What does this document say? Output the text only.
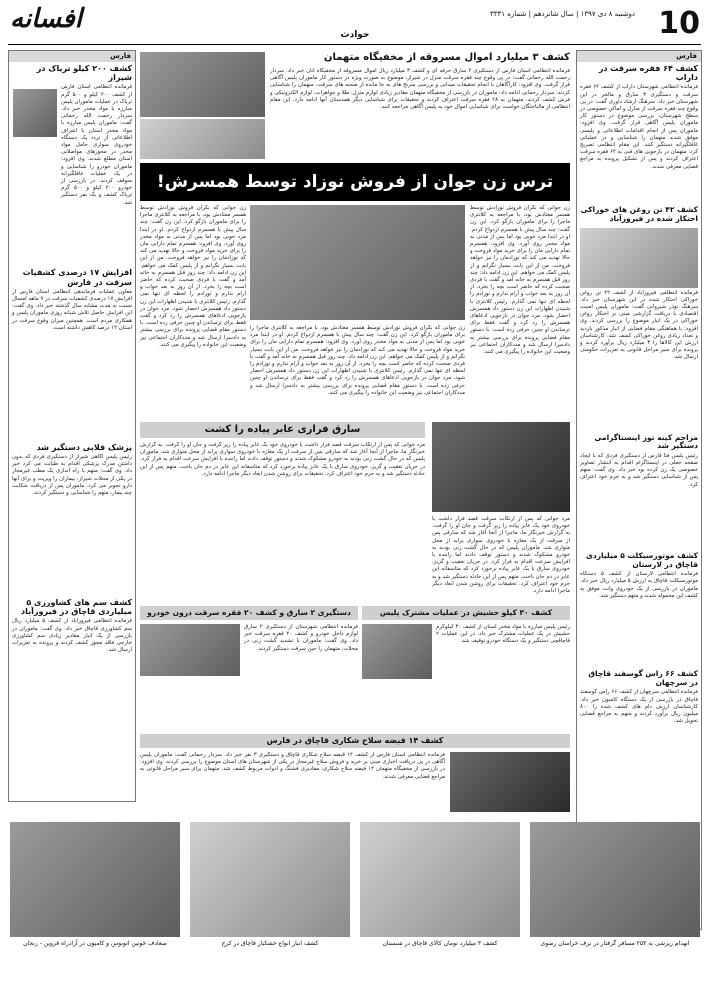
10
دوشنبه ۸ دی ۱۳۹۷ | سال شانزدهم | شماره ۳۳۳۱
افسانه
حوادث
فارس
کشف ۶۴ فقره سرقت در داراب
فرمانده انتظامی شهرستان داراب از کشف ۶۴ فقره سرقت و دستگیری ۳ سارق و مالخر در این شهرستان خبر داد. سرهنگ ارشاد داوری گفت: در پی وقوع چند فقره سرقت از منازل و اماکن خصوصی در سطح شهرستان، بررسی موضوع در دستور کار ماموران پلیس آگاهی قرار گرفت. وی افزود: ماموران پس از انجام اقدامات اطلاعاتی و پلیسی موفق شدند متهمان را شناسایی و در عملیاتی غافلگیرانه دستگیر کنند. این مقام انتظامی تصریح کرد: متهمان در بازجویی های فنی به ۶۴ فقره سرقت اعتراف کردند و پس از تشکیل پرونده به مراجع قضایی معرفی شدند.
کشف ۴۲ تن روغن های خوراکی احتکار شده در فیروزآباد
فرمانده انتظامی فیروزآباد از کشف ۴۲ تن روغن خوراکی احتکار شده در این شهرستان خبر داد. سرهنگ نوذر شیروانی گفت: ماموران پلیس امنیت اقتصادی با دریافت گزارشی مبنی بر احتکار روغن خوراکی در یک انبار موضوع را بررسی کردند. وی افزود: با هماهنگی مقام قضایی از انبار مذکور بازدید و تعداد زیادی روغن خوراکی کشف شد. کارشناسان ارزش این کالاها را ۳ میلیارد ریال برآورد کردند و پرونده برای سیر مراحل قانونی به تعزیرات حکومتی ارسال شد.
مزاحم کینه توز اینستاگرامی دستگیر شد
رئیس پلیس فتا فارس از دستگیری فردی که با ایجاد صفحه جعلی در اینستاگرام اقدام به انتشار تصاویر خصوصی یک زن کرده بود خبر داد. وی گفت: متهم پس از شناسایی دستگیر شد و به جرم خود اعتراف کرد.
کشف موتورسیکلت ۵ میلیاردی قاچاق در لارستان
فرمانده انتظامی لارستان از کشف ۵ دستگاه موتورسیکلت قاچاق به ارزش ۵ میلیارد ریال خبر داد. ماموران در بازرسی از یک خودروی وانت موفق به کشف این محموله شدند و متهم دستگیر شد.
کشف ۶۶ راس گوسفند قاچاق در سرچهان
فرمانده انتظامی سرچهان از کشف ۶۶ راس گوسفند قاچاق در بازرسی از یک دستگاه کامیون خبر داد. کارشناسان ارزش دام های کشف شده را ۸۰۰ میلیون ریال برآورد کردند و متهم به مراجع قضایی تحویل شد.
کشف ۳ میلیارد اموال مسروقه از مخفیگاه متهمان
فرمانده انتظامی استان فارس از دستگیری ۲ سارق حرفه ای و کشف ۳ میلیارد ریال اموال مسروقه از مخفیگاه آنان خبر داد. سردار رحمت الله رحمانی گفت: در پی وقوع چند فقره سرقت منزل در شیراز، موضوع به صورت ویژه در دستور کار ماموران پلیس آگاهی قرار گرفت. وی افزود: کارآگاهان با انجام تحقیقات میدانی و بررسی سرنخ های به جا مانده از صحنه های سرقت، متهمان را شناسایی کردند. سردار رحمانی ادامه داد: ماموران در بازرسی از مخفیگاه متهمان مقادیر زیادی لوازم منزل، طلا و جواهرات، لوازم الکترونیکی و فرش کشف کردند. متهمان به ۲۸ فقره سرقت اعتراف کردند و تحقیقات برای شناسایی دیگر همدستان آنها ادامه دارد. این مقام انتظامی از مالباختگان خواست برای شناسایی اموال خود به پلیس آگاهی مراجعه کنند.
ترس زن جوان از فروش نوزاد توسط همسرش!
زن جوانی که نگران فروش نوزادش توسط همسر معتادش بود، با مراجعه به کلانتری ماجرا را برای ماموران بازگو کرد. این زن گفت: چند سال پیش با همسرم ازدواج کردم. او در ابتدا مرد خوبی بود اما پس از مدتی به مواد مخدر روی آورد. وی افزود: همسرم تمام دارایی مان را برای خرید مواد فروخت و حالا تهدید می کند که نوزادمان را نیز خواهد فروخت. من از این بابت بسیار نگرانم و از پلیس کمک می خواهم. این زن ادامه داد: چند روز قبل همسرم به خانه آمد و گفت با فردی صحبت کرده که حاضر است بچه را بخرد. از آن روز به بعد خواب و آرام ندارم و نوزادم را لحظه ای تنها نمی گذارم. رئیس کلانتری با شنیدن اظهارات این زن دستور داد همسرش احضار شود. مرد جوان در بازجویی ادعاهای همسرش را رد کرد و گفت فقط برای ترساندن او چنین حرفی زده است. با دستور مقام قضایی پرونده برای بررسی بیشتر به دادسرا ارسال شد و مددکاران اجتماعی نیز وضعیت این خانواده را پیگیری می کنند.
زن جوانی که نگران فروش نوزادش توسط همسر معتادش بود، با مراجعه به کلانتری ماجرا را برای ماموران بازگو کرد. این زن گفت: چند سال پیش با همسرم ازدواج کردم. او در ابتدا مرد خوبی بود اما پس از مدتی به مواد مخدر روی آورد. وی افزود: همسرم تمام دارایی مان را برای خرید مواد فروخت و حالا تهدید می کند که نوزادمان را نیز خواهد فروخت. من از این بابت بسیار نگرانم و از پلیس کمک می خواهم. این زن ادامه داد: چند روز قبل همسرم به خانه آمد و گفت با فردی صحبت کرده که حاضر است بچه را بخرد. از آن روز به بعد خواب و آرام ندارم و نوزادم را لحظه ای تنها نمی گذارم. رئیس کلانتری با شنیدن اظهارات این زن دستور داد همسرش احضار شود. مرد جوان در بازجویی ادعاهای همسرش را رد کرد و گفت فقط برای ترساندن او چنین حرفی زده است. با دستور مقام قضایی پرونده برای بررسی بیشتر به دادسرا ارسال شد و مددکاران اجتماعی نیز وضعیت این خانواده را پیگیری می کنند.
زن جوانی که نگران فروش نوزادش توسط همسر معتادش بود، با مراجعه به کلانتری ماجرا را برای ماموران بازگو کرد. این زن گفت: چند سال پیش با همسرم ازدواج کردم. او در ابتدا مرد خوبی بود اما پس از مدتی به مواد مخدر روی آورد. وی افزود: همسرم تمام دارایی مان را برای خرید مواد فروخت و حالا تهدید می کند که نوزادمان را نیز خواهد فروخت. من از این بابت بسیار نگرانم و از پلیس کمک می خواهم. این زن ادامه داد: چند روز قبل همسرم به خانه آمد و گفت با فردی صحبت کرده که حاضر است بچه را بخرد. از آن روز به بعد خواب و آرام ندارم و نوزادم را لحظه ای تنها نمی گذارم. رئیس کلانتری با شنیدن اظهارات این زن دستور داد همسرش احضار شود. مرد جوان در بازجویی ادعاهای همسرش را رد کرد و گفت فقط برای ترساندن او چنین حرفی زده است. با دستور مقام قضایی پرونده برای بررسی بیشتر به دادسرا ارسال شد و مددکاران اجتماعی نیز وضعیت این خانواده را پیگیری می کنند.
فارس
کشف ۲۰۰ کیلو تریاک در شیراز
فرمانده انتظامی استان فارس از کشف ۲۰۰ کیلو و ۵۰۰ گرم تریاک در عملیات ماموران پلیس مبارزه با مواد مخدر خبر داد. سردار رحمت الله رحمانی گفت: ماموران پلیس مبارزه با مواد مخدر استان با اشراف اطلاعاتی از تردد یک دستگاه خودروی سواری حامل مواد مخدر در محورهای مواصلاتی استان مطلع شدند. وی افزود: ماموران خودرو را شناسایی و در یک عملیات غافلگیرانه متوقف کردند. در بازرسی از خودرو ۲۰۰ کیلو و ۵۰۰ گرم تریاک کشف و یک نفر دستگیر شد.
افزایش ۱۷ درصدی کشفیات سرقت در فارس
معاون عملیات فرماندهی انتظامی استان فارس از افزایش ۱۷ درصدی کشفیات سرقت در ۹ ماهه امسال نسبت به مدت مشابه سال گذشته خبر داد. وی گفت: این افزایش حاصل تلاش شبانه روزی ماموران پلیس و همکاری مردم است. همچنین میزان وقوع سرقت در استان ۱۲ درصد کاهش داشته است.
پزشک قلابی دستگیر شد
رئیس پلیس آگاهی شیراز از دستگیری فردی که بدون داشتن مدرک پزشکی اقدام به طبابت می کرد خبر داد. وی گفت: متهم با راه اندازی یک مطب غیرمجاز در یکی از محلات شیراز، بیماران را ویزیت و برای آنها دارو تجویز می کرد. ماموران پس از دریافت شکایت چند بیمار، متهم را شناسایی و دستگیر کردند.
کشف سم های کشاورزی ۵ میلیاردی قاچاق در فیروزآباد
فرمانده انتظامی فیروزآباد از کشف ۵ میلیارد ریال سم کشاورزی قاچاق خبر داد. وی گفت: ماموران در بازرسی از یک انبار مقادیر زیادی سم کشاورزی خارجی فاقد مجوز کشف کردند و پرونده به تعزیرات ارسال شد.
سارق فراری عابر پیاده را کشت
مرد جوانی که پس از ارتکاب سرقت قصد فرار داشت با خودروی خود یک عابر پیاده را زیر گرفت و جان او را گرفت. به گزارش خبرنگار ما، ماجرا از آنجا آغاز شد که سارقی پس از سرقت از یک مغازه با خودروی سواری پراید از محل متواری شد. ماموران پلیس که در حال گشت زنی بودند به خودرو مشکوک شدند و دستور توقف دادند اما راننده با افزایش سرعت اقدام به فرار کرد. در جریان تعقیب و گریز، خودروی سارق با یک عابر پیاده برخورد کرد که متاسفانه این عابر در دم جان باخت. متهم پس از این حادثه دستگیر شد و به جرم خود اعتراف کرد. تحقیقات برای روشن شدن ابعاد دیگر ماجرا ادامه دارد.
مرد جوانی که پس از ارتکاب سرقت قصد فرار داشت با خودروی خود یک عابر پیاده را زیر گرفت و جان او را گرفت. به گزارش خبرنگار ما، ماجرا از آنجا آغاز شد که سارقی پس از سرقت از یک مغازه با خودروی سواری پراید از محل متواری شد. ماموران پلیس که در حال گشت زنی بودند به خودرو مشکوک شدند و دستور توقف دادند اما راننده با افزایش سرعت اقدام به فرار کرد. در جریان تعقیب و گریز، خودروی سارق با یک عابر پیاده برخورد کرد که متاسفانه این عابر در دم جان باخت. متهم پس از این حادثه دستگیر شد و به جرم خود اعتراف کرد. تحقیقات برای روشن شدن ابعاد دیگر ماجرا ادامه دارد.
دستگیری ۲ سارق و کشف ۲۰ فقره سرقت درون خودرو
فرمانده انتظامی شهرستان از دستگیری ۲ سارق لوازم داخل خودرو و کشف ۲۰ فقره سرقت خبر داد. وی گفت: ماموران با تشدید گشت زنی در محلات، متهمان را حین سرقت دستگیر کردند.
کشف ۳۰ کیلو حشیش در عملیات مشترک پلیس
رئیس پلیس مبارزه با مواد مخدر استان از کشف ۳۰ کیلوگرم حشیش در یک عملیات مشترک خبر داد. در این عملیات ۲ قاچاقچی دستگیر و یک دستگاه خودرو توقیف شد.
کشف ۱۴ قبضه سلاح شکاری قاچاق در فارس
فرمانده انتظامی استان فارس از کشف ۱۴ قبضه سلاح شکاری قاچاق و دستگیری ۳ نفر خبر داد. سردار رحمانی گفت: ماموران پلیس آگاهی در پی دریافت اخباری مبنی بر خرید و فروش سلاح غیرمجاز در یکی از شهرستان های استان موضوع را بررسی کردند. وی افزود: در بازرسی از مخفیگاه متهمان ۱۴ قبضه سلاح شکاری، مقادیری فشنگ و ادوات مربوط کشف شد. متهمان برای سیر مراحل قانونی به مراجع قضایی معرفی شدند.
صعادف خونین اتوبوس و کامیون در آزادراه قزوین - زنجان	کشف انبار انواع خشکبار قاچاق در کرج	کشف ۳ میلیارد تومان کالای قاچاق در شبستان	انهدام ریزشی به ۲۵۳ مسافر گرفتار در برف خراسان رضوی
